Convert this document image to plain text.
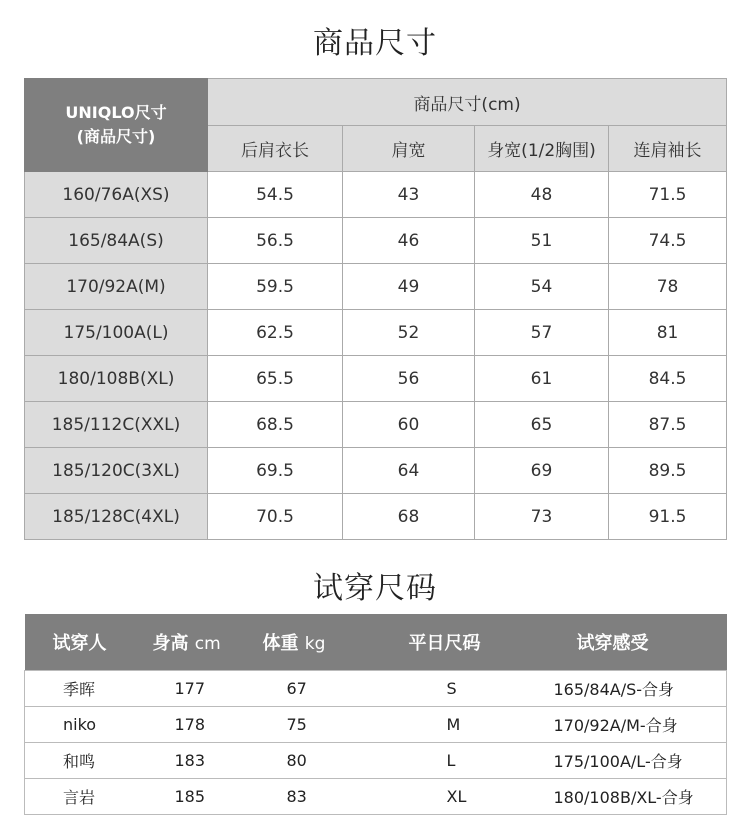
商品尺寸
UNIQLO尺寸
(商品尺寸)	商品尺寸(cm)			
	后肩衣长	肩宽	身宽(1/2胸围)	连肩袖长
160/76A(XS)	54.5	43	48	71.5
165/84A(S)	56.5	46	51	74.5
170/92A(M)	59.5	49	54	78
175/100A(L)	62.5	52	57	81
180/108B(XL)	65.5	56	61	84.5
185/112C(XXL)	68.5	60	65	87.5
185/120C(3XL)	69.5	64	69	89.5
185/128C(4XL)	70.5	68	73	91.5
试穿尺码
试穿人	身高 cm	体重 kg	平日尺码	试穿感受
季晖	177	67	S	165/84A/S-合身
niko	178	75	M	170/92A/M-合身
和鸣	183	80	L	175/100A/L-合身
言岩	185	83	XL	180/108B/XL-合身
